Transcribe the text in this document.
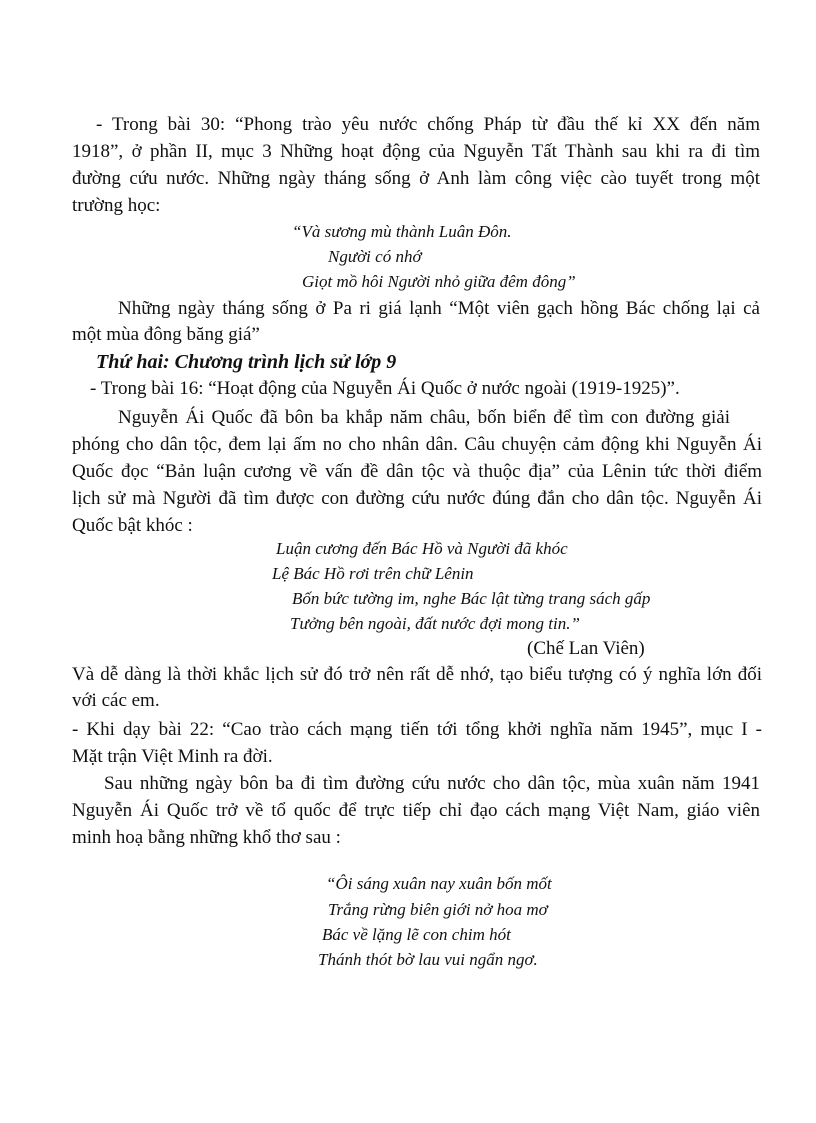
- Trong bài 30: “Phong trào yêu nước chống Pháp từ đầu thế kỉ XX đến năm
1918”, ở phần II, mục 3 Những hoạt động của Nguyễn Tất Thành sau khi ra đi tìm
đường cứu nước. Những ngày tháng sống ở Anh làm công việc cào tuyết trong một
trường học:
“Và sương mù thành Luân Đôn.
Người có nhớ
Giọt mồ hôi Người nhỏ giữa đêm đông”
Những ngày tháng sống ở Pa ri giá lạnh “Một viên gạch hồng Bác chống lại cả
một mùa đông băng giá”
Thứ hai: Chương trình lịch sử lớp 9
- Trong bài 16: “Hoạt động của Nguyễn Ái Quốc ở nước ngoài (1919-1925)”.
Nguyễn Ái Quốc đã bôn ba khắp năm châu, bốn biển để tìm con đường giải
phóng cho dân tộc, đem lại ấm no cho nhân dân. Câu chuyện cảm động khi Nguyễn Ái
Quốc đọc “Bản luận cương về vấn đề dân tộc và thuộc địa” của Lênin tức thời điểm
lịch sử mà Người đã tìm được con đường cứu nước đúng đắn cho dân tộc. Nguyễn Ái
Quốc bật khóc :
Luận cương đến Bác Hồ và Người đã khóc
Lệ Bác Hồ rơi trên chữ Lênin
Bốn bức tường im, nghe Bác lật từng trang sách gấp
Tưởng bên ngoài, đất nước đợi mong tin.”
(Chế Lan Viên)
Và dễ dàng là thời khắc lịch sử đó trở nên rất dễ nhớ, tạo biểu tượng có ý nghĩa lớn đối
với các em.
- Khi dạy bài 22: “Cao trào cách mạng tiến tới tổng khởi nghĩa năm 1945”, mục I -
Mặt trận Việt Minh ra đời.
Sau những ngày bôn ba đi tìm đường cứu nước cho dân tộc, mùa xuân năm 1941
Nguyễn Ái Quốc trở về tổ quốc để trực tiếp chỉ đạo cách mạng Việt Nam, giáo viên
minh hoạ bằng những khổ thơ sau :
“Ôi sáng xuân nay xuân bốn mốt
Trắng rừng biên giới nở hoa mơ
Bác về lặng lẽ con chim hót
Thánh thót bờ lau vui ngẩn ngơ.
